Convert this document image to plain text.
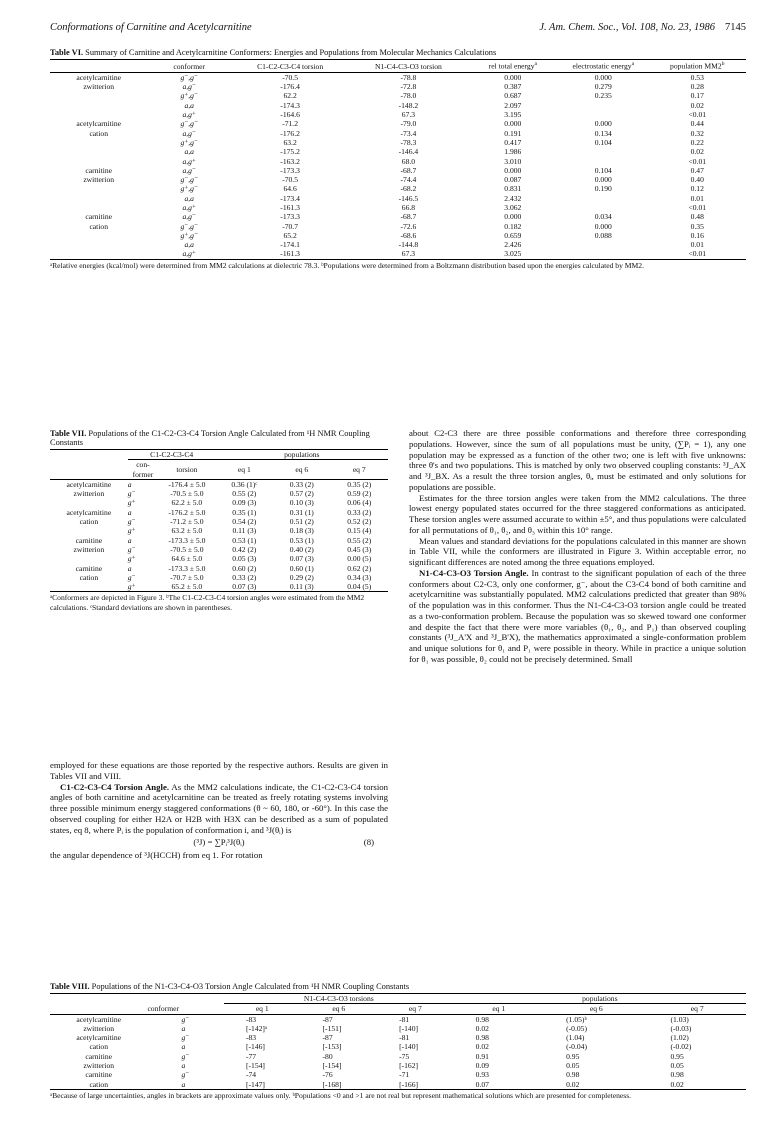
Conformations of Carnitine and Acetylcarnitine	J. Am. Chem. Soc., Vol. 108, No. 23, 1986 7145
Table VI. Summary of Carnitine and Acetylcarnitine Conformers: Energies and Populations from Molecular Mechanics Calculations
	conformer	C1-C2-C3-C4 torsion	N1-C4-C3-O3 torsion	rel total energy$^a$	electrostatic energy$^a$	population MM2$^b$
acetylcarnitine	g⁻,g⁻	-70.5	-78.8	0.000	0.000	0.53
zwitterion	a,g⁻	-176.4	-72.8	0.387	0.279	0.28
	g⁺,g⁻	62.2	-78.0	0.687	0.235	0.17
	a,a	-174.3	-148.2	2.097		0.02
	a,g⁺	-164.6	67.3	3.195		<0.01
acetylcarnitine	g⁻,g⁻	-71.2	-79.0	0.000	0.000	0.44
cation	a,g⁻	-176.2	-73.4	0.191	0.134	0.32
	g⁺,g⁻	63.2	-78.3	0.417	0.104	0.22
	a,a	-175.2	-146.4	1.986		0.02
	a,g⁺	-163.2	68.0	3.010		<0.01
carnitine	a,g⁻	-173.3	-68.7	0.000	0.104	0.47
zwitterion	g⁻,g⁻	-70.5	-74.4	0.087	0.000	0.40
	g⁺,g⁻	64.6	-68.2	0.831	0.190	0.12
	a,a	-173.4	-146.5	2.432		0.01
	a,g⁺	-161.3	66.8	3.062		<0.01
carnitine	a,g⁻	-173.3	-68.7	0.000	0.034	0.48
cation	g⁻,g⁻	-70.7	-72.6	0.182	0.000	0.35
	g⁺,g⁻	65.2	-68.6	0.659	0.088	0.16
	a,a	-174.1	-144.8	2.426		0.01
	a,g⁺	-161.3	67.3	3.025		<0.01
ᵃRelative energies (kcal/mol) were determined from MM2 calculations at dielectric 78.3. ᵇPopulations were determined from a Boltzmann distribution based upon the energies calculated by MM2.
Table VII. Populations of the C1-C2-C3-C4 Torsion Angle Calculated from ¹H NMR Coupling Constants
	C1-C2-C3-C4		populations		
	con-former	torsion	eq 1	eq 6	eq 7
acetylcarnitine	a	-176.4 ± 5.0	0.36 (1)ᶜ	0.33 (2)	0.35 (2)
zwitterion	g⁻	-70.5 ± 5.0	0.55 (2)	0.57 (2)	0.59 (2)
	g⁺	62.2 ± 5.0	0.09 (3)	0.10 (3)	0.06 (4)
acetylcarnitine	a	-176.2 ± 5.0	0.35 (1)	0.31 (1)	0.33 (2)
cation	g⁻	-71.2 ± 5.0	0.54 (2)	0.51 (2)	0.52 (2)
	g⁺	63.2 ± 5.0	0.11 (3)	0.18 (3)	0.15 (4)
carnitine	a	-173.3 ± 5.0	0.53 (1)	0.53 (1)	0.55 (2)
zwitterion	g⁻	-70.5 ± 5.0	0.42 (2)	0.40 (2)	0.45 (3)
	g⁺	64.6 ± 5.0	0.05 (3)	0.07 (3)	0.00 (5)
carnitine	a	-173.3 ± 5.0	0.60 (2)	0.60 (1)	0.62 (2)
cation	g⁻	-70.7 ± 5.0	0.33 (2)	0.29 (2)	0.34 (3)
	g⁺	65.2 ± 5.0	0.07 (3)	0.11 (3)	0.04 (5)
ᵃConformers are depicted in Figure 3. ᵇThe C1-C2-C3-C4 torsion angles were estimated from the MM2 calculations. ᶜStandard deviations are shown in parentheses.

employed for these equations are those reported by the respective authors. Results are given in Tables VII and VIII.

C1-C2-C3-C4 Torsion Angle. As the MM2 calculations indicate, the C1-C2-C3-C4 torsion angles of both carnitine and acetylcarnitine can be treated as freely rotating systems involving three possible minimum energy staggered conformations (θ ~ 60, 180, or -60°). In this case the observed coupling for either H2A or H2B with H3X can be described as a sum of populated states, eq 8, where Pᵢ is the population of conformation i, and ³J(θᵢ) is

(³J) = ∑Pᵢ³J(θᵢ)	(8)

the angular dependence of ³J(HCCH) from eq 1. For rotation

about C2-C3 there are three possible conformations and therefore three corresponding populations. However, since the sum of all populations must be unity, (∑Pᵢ = 1), any one population may be expressed as a function of the other two; one is left with five unknowns: three θ's and two populations. This is matched by only two observed coupling constants: ³J_AX and ³J_BX. As a result the three torsion angles, θᵢ, must be estimated and only solutions for populations are possible.

Estimates for the three torsion angles were taken from the MM2 calculations. The three lowest energy populated states occurred for the three staggered conformations as anticipated. These torsion angles were assumed accurate to within ±5°, and thus populations were calculated for all permutations of θ₁, θ₂, and θ₃ within this 10° range.

Mean values and standard deviations for the populations calculated in this manner are shown in Table VII, while the conformers are illustrated in Figure 3. Within acceptable error, no significant differences are noted among the three equations employed.

N1-C4-C3-O3 Torsion Angle. In contrast to the significant population of each of the three conformers about C2-C3, only one conformer, g⁻, about the C3-C4 bond of both carnitine and acetylcarnitine was substantially populated. MM2 calculations predicted that greater than 98% of the population was in this conformer. Thus the N1-C4-C3-O3 torsion angle could be treated as a two-conformation problem. Because the population was so skewed toward one conformer and despite the fact that there were more variables (θ₁, θ₂, and P₁) than observed coupling constants (³J_A'X and ³J_B'X), the mathematics approximated a single-conformation problem and unique solutions for θ₁ and P₁ were possible in theory. While in practice a unique solution for θ₁ was possible, θ₂ could not be precisely determined. Small

Table VIII. Populations of the N1-C3-C4-O3 Torsion Angle Calculated from ¹H NMR Coupling Constants
		N1-C4-C3-O3 torsions			populations		
	conformer	eq 1	eq 6	eq 7	eq 1	eq 6	eq 7
acetylcarnitine	g⁻	-83	-87	-81	0.98	(1.05)ᵇ	(1.03)
zwitterion	a	[-142]ᵃ	[-151]	[-140]	0.02	(-0.05)	(-0.03)
acetylcarnitine	g⁻	-83	-87	-81	0.98	(1.04)	(1.02)
cation	a	[-146]	[-153]	[-140]	0.02	(-0.04)	(-0.02)
carnitine	g⁻	-77	-80	-75	0.91	0.95	0.95
zwitterion	a	[-154]	[-154]	[-162]	0.09	0.05	0.05
carnitine	g⁻	-74	-76	-71	0.93	0.98	0.98
cation	a	[-147]	[-168]	[-166]	0.07	0.02	0.02
ᵃBecause of large uncertainties, angles in brackets are approximate values only. ᵇPopulations <0 and >1 are not real but represent mathematical solutions which are presented for completeness.
